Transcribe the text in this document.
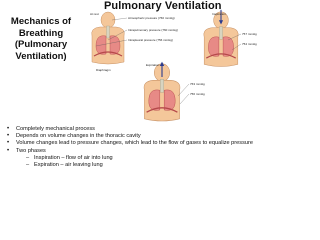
Mechanics of
Breathing
(Pulmonary
Ventilation)
Pulmonary Ventilation
At rest
Atmospheric pressure (760 mmHg)
Intrapulmonary pressure (760 mmHg)
Intrapleural pressure (756 mmHg)
Diaphragm
Inspiration
757 mmHg
754 mmHg
Expiration
763 mmHg
756 mmHg
• Completely mechanical process
• Depends on volume changes in the thoracic cavity
• Volume changes lead to pressure changes, which lead to the flow of gases to equalize pressure
• Two phases
– Inspiration – flow of air into lung
– Expiration – air leaving lung
